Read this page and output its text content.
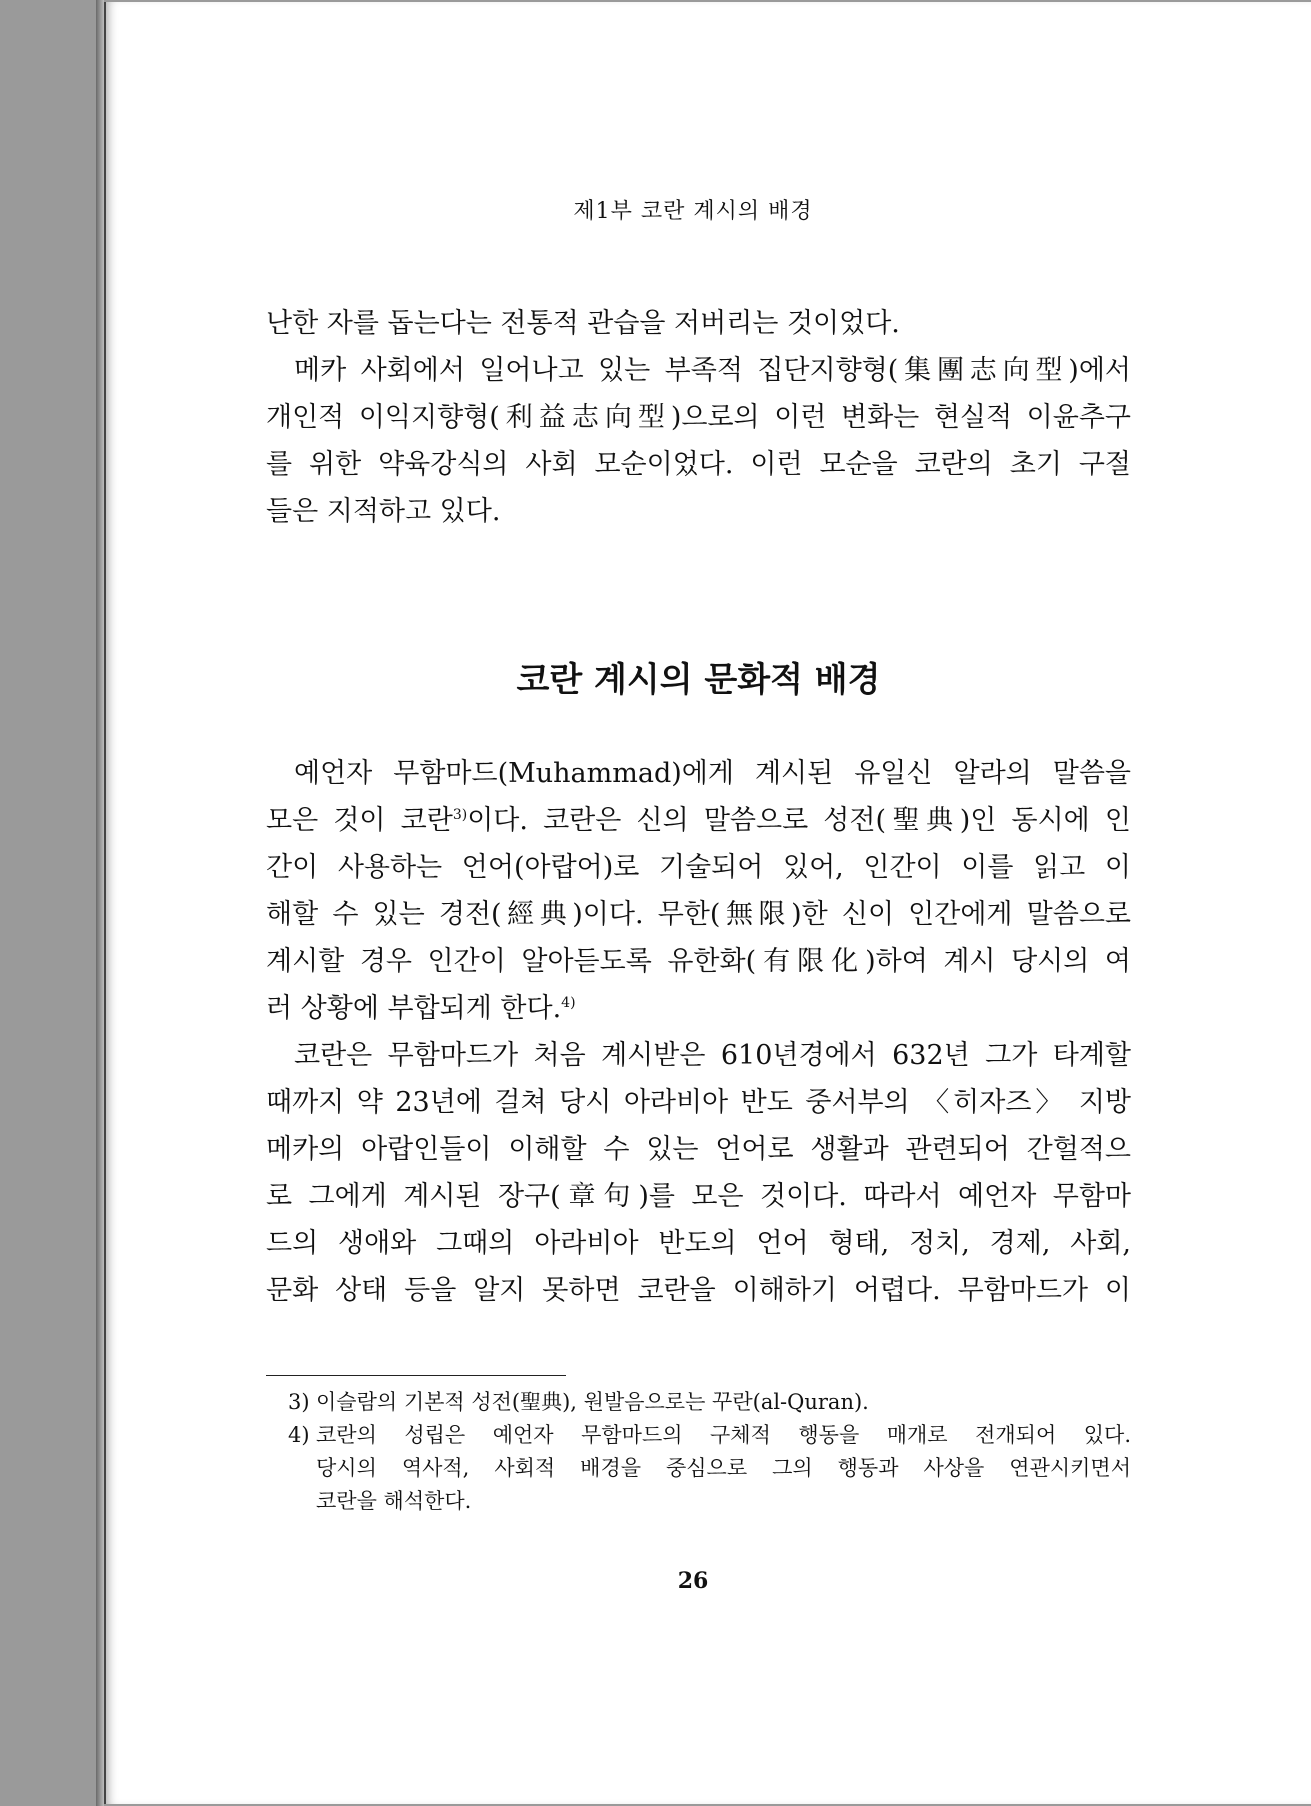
제1부 코란 계시의 배경

난한 자를 돕는다는 전통적 관습을 저버리는 것이었다.

메카 사회에서 일어나고 있는 부족적 집단지향형(集團志向型)에서
개인적 이익지향형(利益志向型)으로의 이런 변화는 현실적 이윤추구
를 위한 약육강식의 사회 모순이었다. 이런 모순을 코란의 초기 구절

들은 지적하고 있다.

코란 계시의 문화적 배경

예언자 무함마드(Muhammad)에게 계시된 유일신 알라의 말씀을
모은 것이 코란$^{3)}$이다. 코란은 신의 말씀으로 성전(聖典)인 동시에 인
간이 사용하는 언어(아랍어)로 기술되어 있어, 인간이 이를 읽고 이
해할 수 있는 경전(經典)이다. 무한(無限)한 신이 인간에게 말씀으로
계시할 경우 인간이 알아듣도록 유한화(有限化)하여 계시 당시의 여

러 상황에 부합되게 한다.$^{4)}$

코란은 무함마드가 처음 계시받은 610년경에서 632년 그가 타계할
때까지 약 23년에 걸쳐 당시 아라비아 반도 중서부의 〈히자즈〉 지방
메카의 아랍인들이 이해할 수 있는 언어로 생활과 관련되어 간헐적으
로 그에게 계시된 장구(章句)를 모은 것이다. 따라서 예언자 무함마
드의 생애와 그때의 아라비아 반도의 언어 형태, 정치, 경제, 사회,
문화 상태 등을 알지 못하면 코란을 이해하기 어렵다. 무함마드가 이

3) 이슬람의 기본적 성전(聖典), 원발음으로는 꾸란(al-Quran).

4) 코란의 성립은 예언자 무함마드의 구체적 행동을 매개로 전개되어 있다.
당시의 역사적, 사회적 배경을 중심으로 그의 행동과 사상을 연관시키면서
코란을 해석한다.

26
